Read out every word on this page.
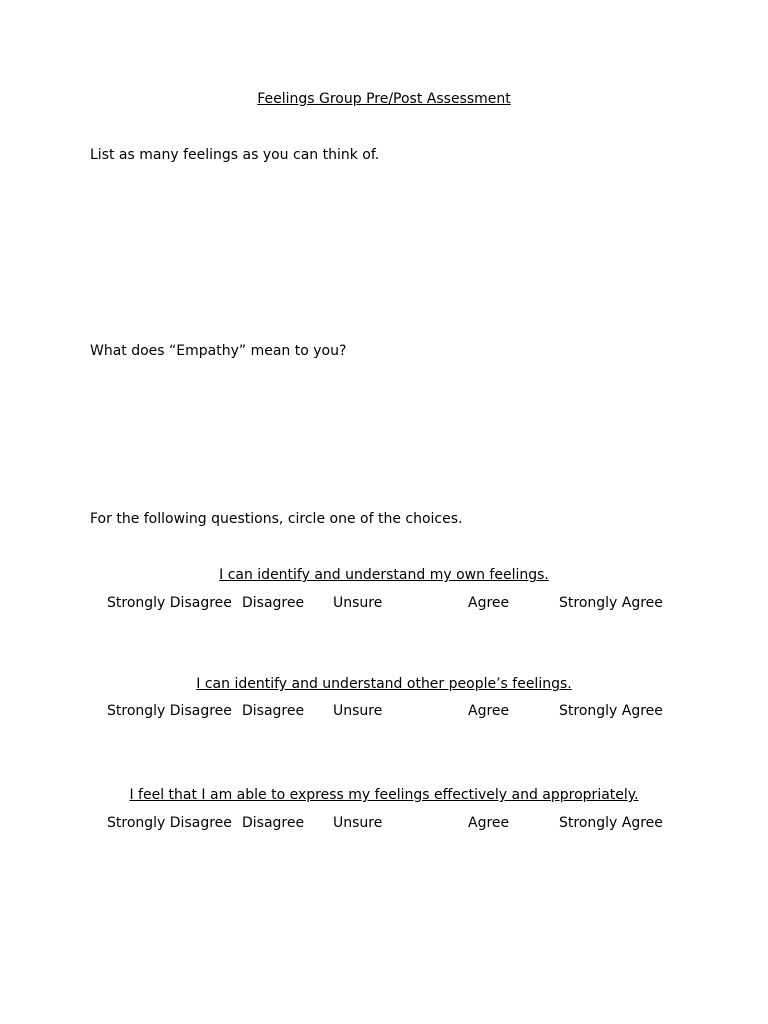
Feelings Group Pre/Post Assessment
List as many feelings as you can think of.
What does “Empathy” mean to you?
For the following questions, circle one of the choices.
I can identify and understand my own feelings.
Strongly Disagree Disagree Unsure	Agree	Strongly Agree
I can identify and understand other people’s feelings.
Strongly Disagree Disagree Unsure	Agree	Strongly Agree
I feel that I am able to express my feelings effectively and appropriately.
Strongly Disagree Disagree Unsure	Agree	Strongly Agree
